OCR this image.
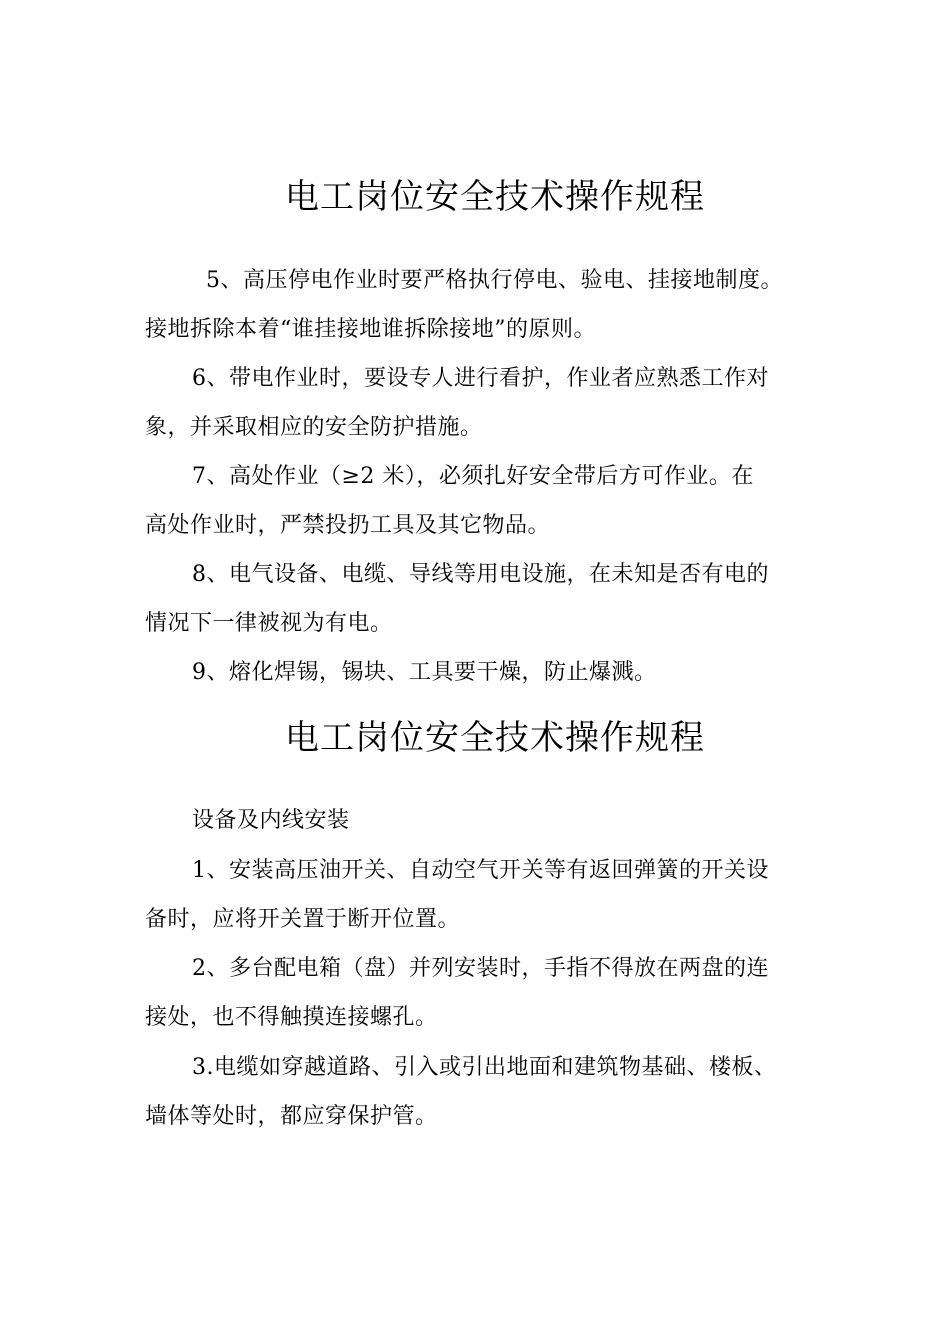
电工岗位安全技术操作规程
5、高压停电作业时要严格执行停电、验电、挂接地制度。
接地拆除本着“谁挂接地谁拆除接地”的原则。
6、带电作业时，要设专人进行看护，作业者应熟悉工作对
象，并采取相应的安全防护措施。
7、高处作业（≥2 米），必须扎好安全带后方可作业。在
高处作业时，严禁投扔工具及其它物品。
8、电气设备、电缆、导线等用电设施，在未知是否有电的
情况下一律被视为有电。
9、熔化焊锡，锡块、工具要干燥，防止爆溅。
电工岗位安全技术操作规程
设备及内线安装
1、安装高压油开关、自动空气开关等有返回弹簧的开关设
备时，应将开关置于断开位置。
2、多台配电箱（盘）并列安装时，手指不得放在两盘的连
接处，也不得触摸连接螺孔。
3.电缆如穿越道路、引入或引出地面和建筑物基础、楼板、
墙体等处时，都应穿保护管。
